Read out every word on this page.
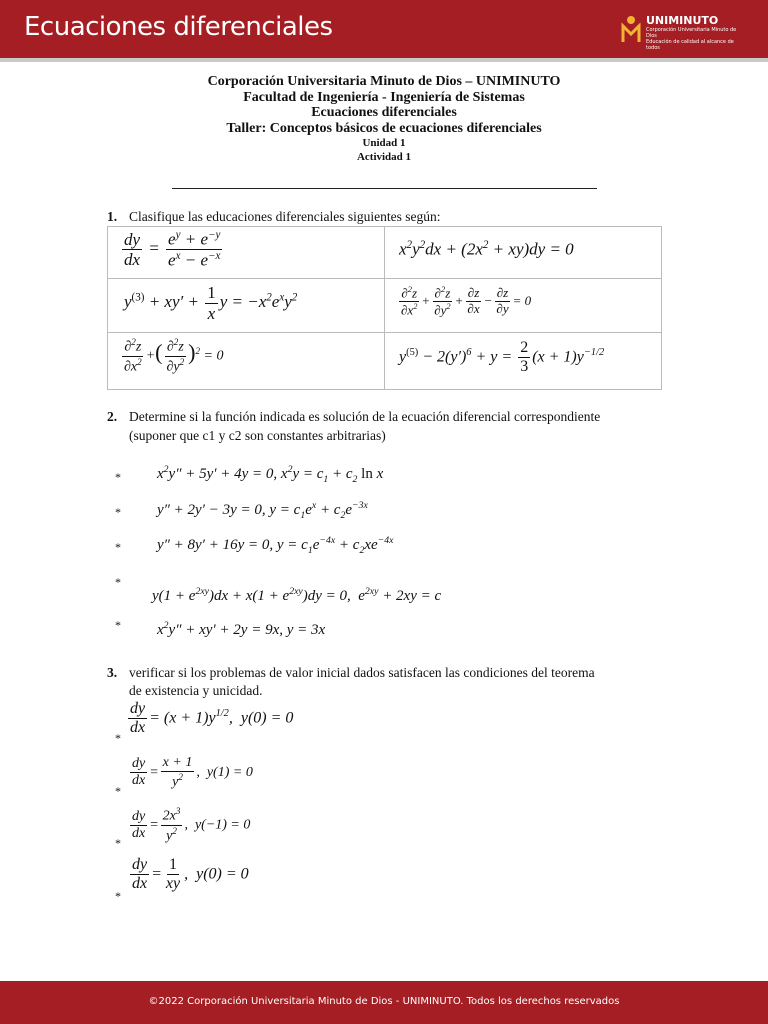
Ecuaciones diferenciales	UNIMINUTO
Corporación Universitaria Minuto de Dios
Educación de calidad al alcance de todos
Corporación Universitaria Minuto de Dios – UNIMINUTO
Facultad de Ingeniería - Ingeniería de Sistemas
Ecuaciones diferenciales
Taller: Conceptos básicos de ecuaciones diferenciales
Unidad 1
Actividad 1
1. Clasifique las educaciones diferenciales siguientes según:
$\frac{dy}{dx} = \frac{e^y + e^{-y}}{e^x - e^{-x}}$	$x^2y^2dx + (2x^2 + xy)dy = 0$
$y^{(3)} + xy' + \frac{1}{x}$ $y = -x^2e^xy^2$	$\frac{\partial^2z}{\partial x^2} + \frac{\partial^2z}{\partial y^2} + \frac{\partial z}{\partial x} - \frac{\partial z}{\partial y} = 0$
$\frac{\partial^2z}{\partial x^2}$ +( $\frac{\partial^2z}{\partial y^2} )^2 = 0$	$y^{(5)} - 2(y')^6 + y = \frac{2}{3} (x + 1)y^{-1/2}$
2. Determine si la función indicada es solución de la ecuación diferencial correspondiente
(suponer que c1 y c2 son constantes arbitrarias)
* $x^2y'' + 5y' + 4y = 0$, $x^2y = c_1 + c_2$ ln x
* y″ + 2y′ − 3y = 0, $y = c_1e^x + c_2e^{-3x}$
* y″ + 8y′ + 16y = 0, $y = c_1e^{-4x} + c_2xe^{-4x}$
*
$y(1 + e^{2xy})dx + x(1 + e^{2xy})dy = 0$,  $e^{2xy} + 2xy = c$
* $x^2y'' + xy' + 2y = 9x$, y = 3x
3. verificar si los problemas de valor inicial dados satisfacen las condiciones del teorema
de existencia y unicidad.
*
$\frac{dy}{dx} = (x + 1)y^{1/2}$,  y(0) = 0
*
$\frac{dy}{dx} = \frac{x + 1}{y^2}$ ,  y(1) = 0
*
$\frac{dy}{dx} = \frac{2x^3}{y^2}$ ,  y(−1) = 0
*
$\frac{dy}{dx} = \frac{1}{xy}$ ,  y(0) = 0
©2022 Corporación Universitaria Minuto de Dios - UNIMINUTO. Todos los derechos reservados
